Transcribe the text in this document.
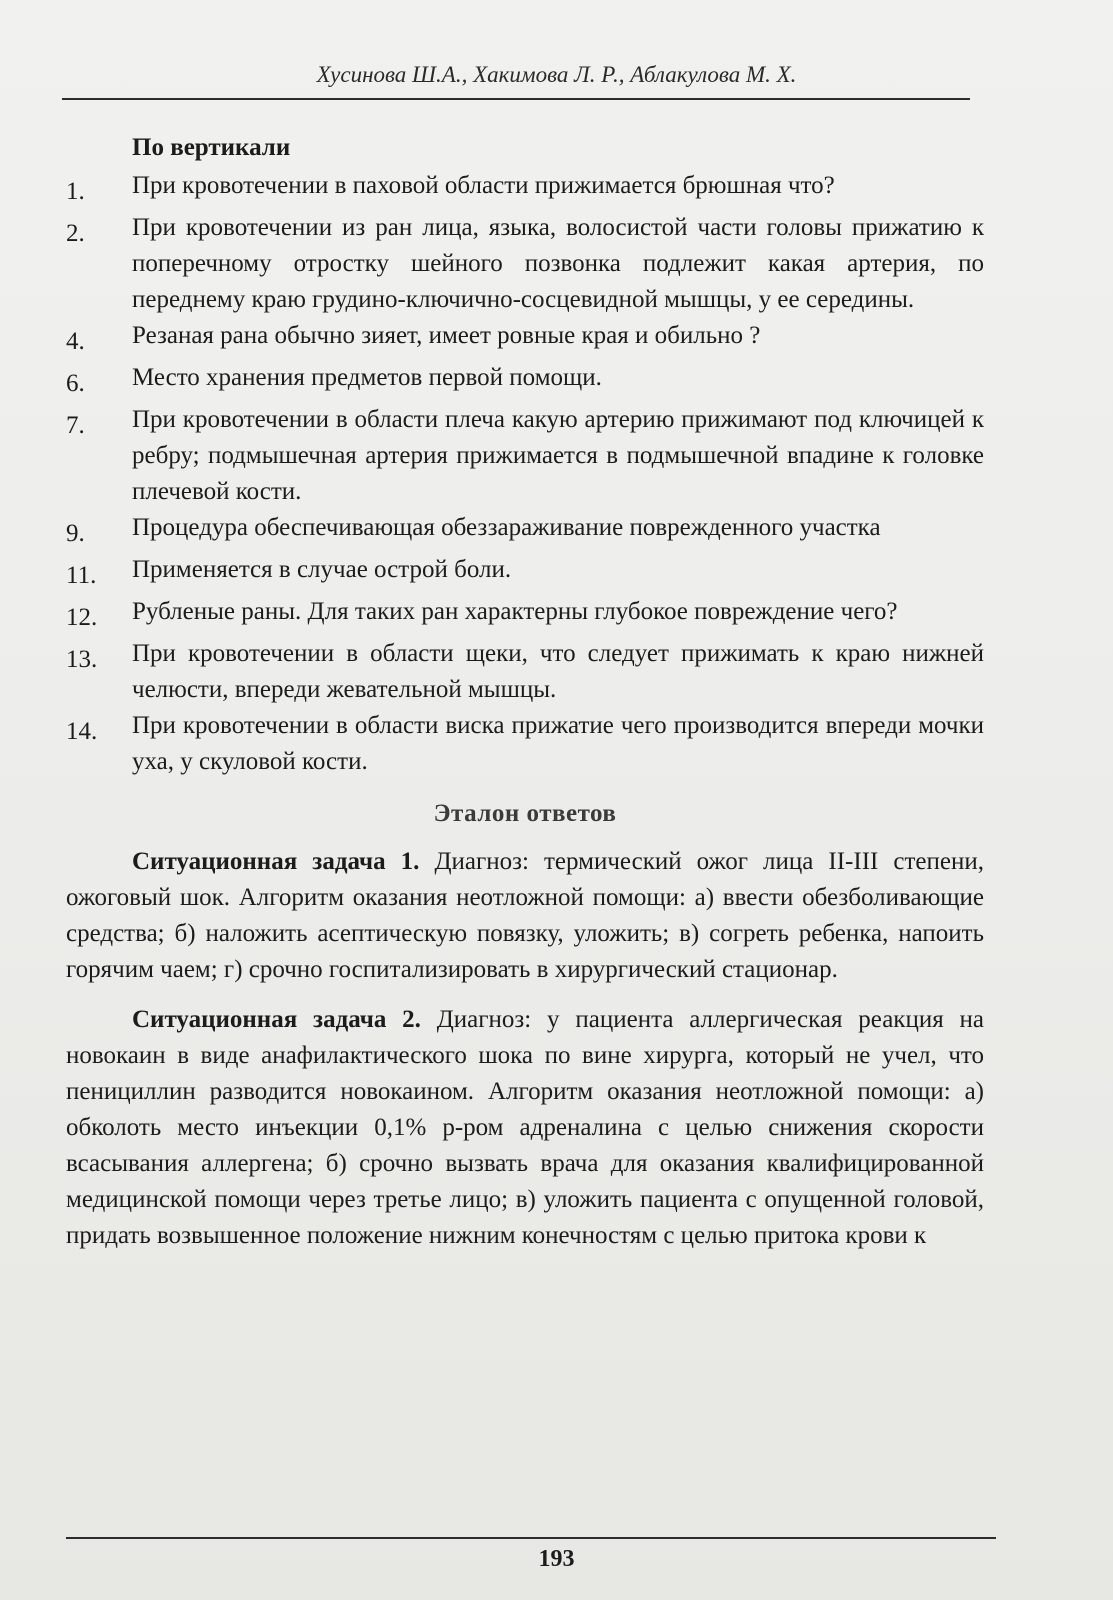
Хусинова Ш.А., Хакимова Л. Р., Аблакулова М. Х.
По вертикали
1.	При кровотечении в паховой области прижимается брюшная что?
2.	При кровотечении из ран лица, языка, волосистой части головы прижатию к поперечному отростку шейного позвонка подлежит какая артерия, по переднему краю грудино-ключично-сосцевидной мышцы, у ее середины.
4.	Резаная рана обычно зияет, имеет ровные края и обильно ?
6.	Место хранения предметов первой помощи.
7.	При кровотечении в области плеча какую артерию прижимают под ключицей к ребру; подмышечная артерия прижимается в подмышечной впадине к головке плечевой кости.
9.	Процедура обеспечивающая обеззараживание поврежденного участка
11.	Применяется в случае острой боли.
12.	Рубленые раны. Для таких ран характерны глубокое повреждение чего?
13.	При кровотечении в области щеки, что следует прижимать к краю нижней челюсти, впереди жевательной мышцы.
14.	При кровотечении в области виска прижатие чего производится впереди мочки уха, у скуловой кости.
Эталон ответов

Ситуационная задача 1. Диагноз: термический ожог лица II-III степени, ожоговый шок. Алгоритм оказания неотложной помощи: а) ввести обезболивающие средства; б) наложить асептическую повязку, уложить; в) согреть ребенка, напоить горячим чаем; г) срочно госпитализировать в хирургический стационар.

Ситуационная задача 2. Диагноз: у пациента аллергическая реакция на новокаин в виде анафилактического шока по вине хирурга, который не учел, что пенициллин разводится новокаином. Алгоритм оказания неотложной помощи: а) обколоть место инъекции 0,1% р-ром адреналина с целью снижения скорости всасывания аллергена; б) срочно вызвать врача для оказания квалифицированной медицинской помощи через третье лицо; в) уложить пациента с опущенной головой, придать возвышенное положение нижним конечностям с целью притока крови к

193
